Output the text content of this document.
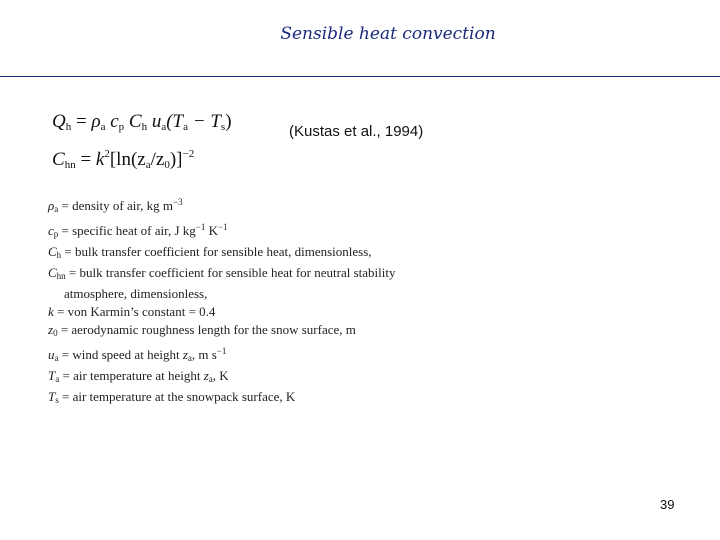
Sensible heat convection
$Q_h = \rho_a$ $c_p$ $C_h$ $u_a(T_a - T_s)$
$C_{hn} = k^2[\ln(z_a/z_0)]^{-2}$
(Kustas et al., 1994)
$\rho_a$ = density of air, kg $m^{-3}$
$c_p$ = specific heat of air, J $kg^{-1}$ $K^{-1}$
$C_h$ = bulk transfer coefficient for sensible heat, dimensionless,
$C_{hn}$ = bulk transfer coefficient for sensible heat for neutral stability
atmosphere, dimensionless,
k = von Karmin’s constant = 0.4
$z_0$ = aerodynamic roughness length for the snow surface, m
$u_a$ = wind speed at height $z_a$, m $s^{-1}$
$T_a$ = air temperature at height $z_a$, K
$T_s$ = air temperature at the snowpack surface, K
39
